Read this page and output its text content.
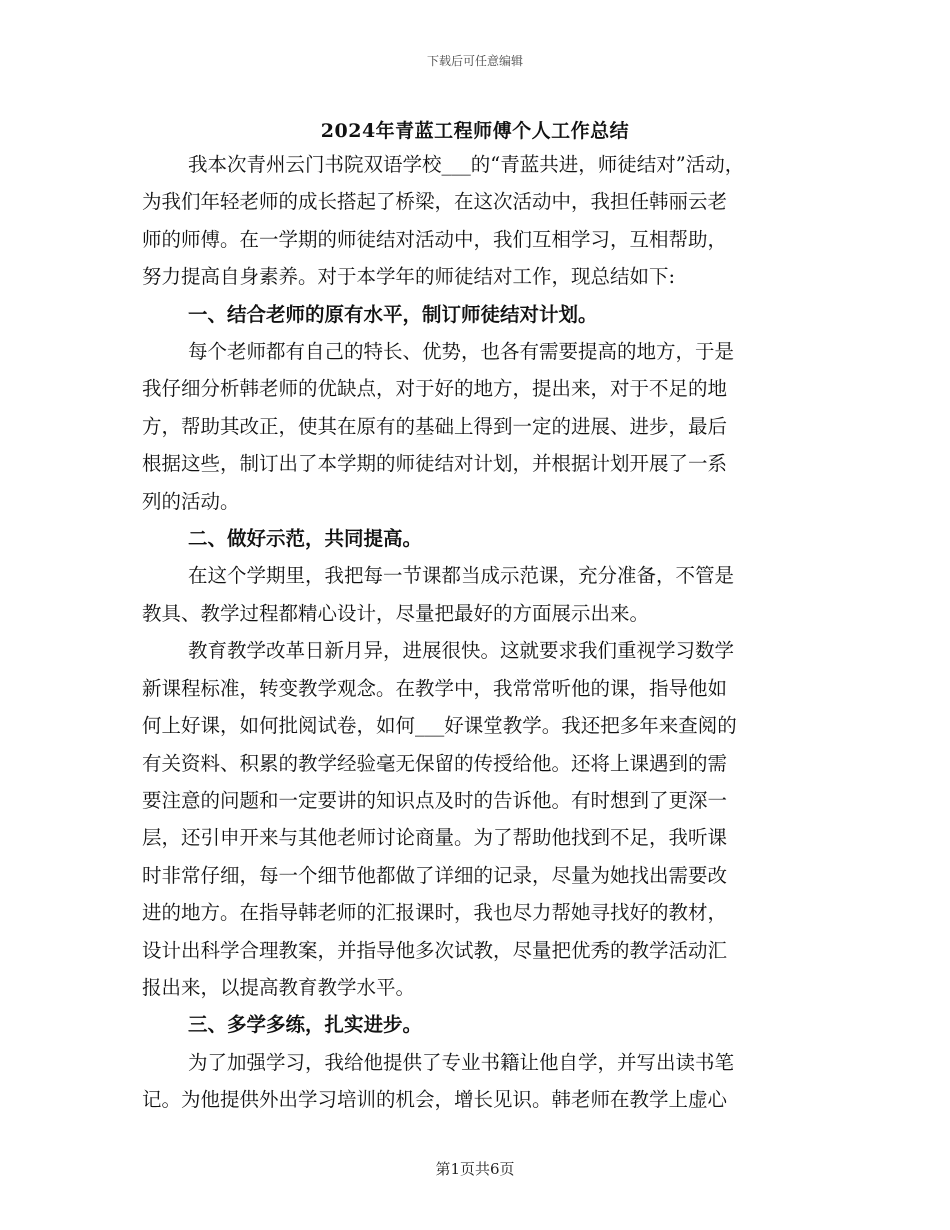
下载后可任意编辑
2024年青蓝工程师傅个人工作总结

我本次青州云门书院双语学校___的“青蓝共进，师徒结对”活动，

为我们年轻老师的成长搭起了桥梁，在这次活动中，我担任韩丽云老

师的师傅。在一学期的师徒结对活动中，我们互相学习，互相帮助，

努力提高自身素养。对于本学年的师徒结对工作，现总结如下:

一、结合老师的原有水平，制订师徒结对计划。

每个老师都有自己的特长、优势，也各有需要提高的地方，于是

我仔细分析韩老师的优缺点，对于好的地方，提出来，对于不足的地

方，帮助其改正，使其在原有的基础上得到一定的进展、进步，最后

根据这些，制订出了本学期的师徒结对计划，并根据计划开展了一系

列的活动。

二、做好示范，共同提高。

在这个学期里，我把每一节课都当成示范课，充分准备，不管是

教具、教学过程都精心设计，尽量把最好的方面展示出来。

教育教学改革日新月异，进展很快。这就要求我们重视学习数学

新课程标准，转变教学观念。在教学中，我常常听他的课，指导他如

何上好课，如何批阅试卷，如何___好课堂教学。我还把多年来查阅的

有关资料、积累的教学经验毫无保留的传授给他。还将上课遇到的需

要注意的问题和一定要讲的知识点及时的告诉他。有时想到了更深一

层，还引申开来与其他老师讨论商量。为了帮助他找到不足，我听课

时非常仔细，每一个细节他都做了详细的记录，尽量为她找出需要改

进的地方。在指导韩老师的汇报课时，我也尽力帮她寻找好的教材，

设计出科学合理教案，并指导他多次试教，尽量把优秀的教学活动汇

报出来，以提高教育教学水平。

三、多学多练，扎实进步。

为了加强学习，我给他提供了专业书籍让他自学，并写出读书笔

记。为他提供外出学习培训的机会，增长见识。韩老师在教学上虚心

第1页共6页
